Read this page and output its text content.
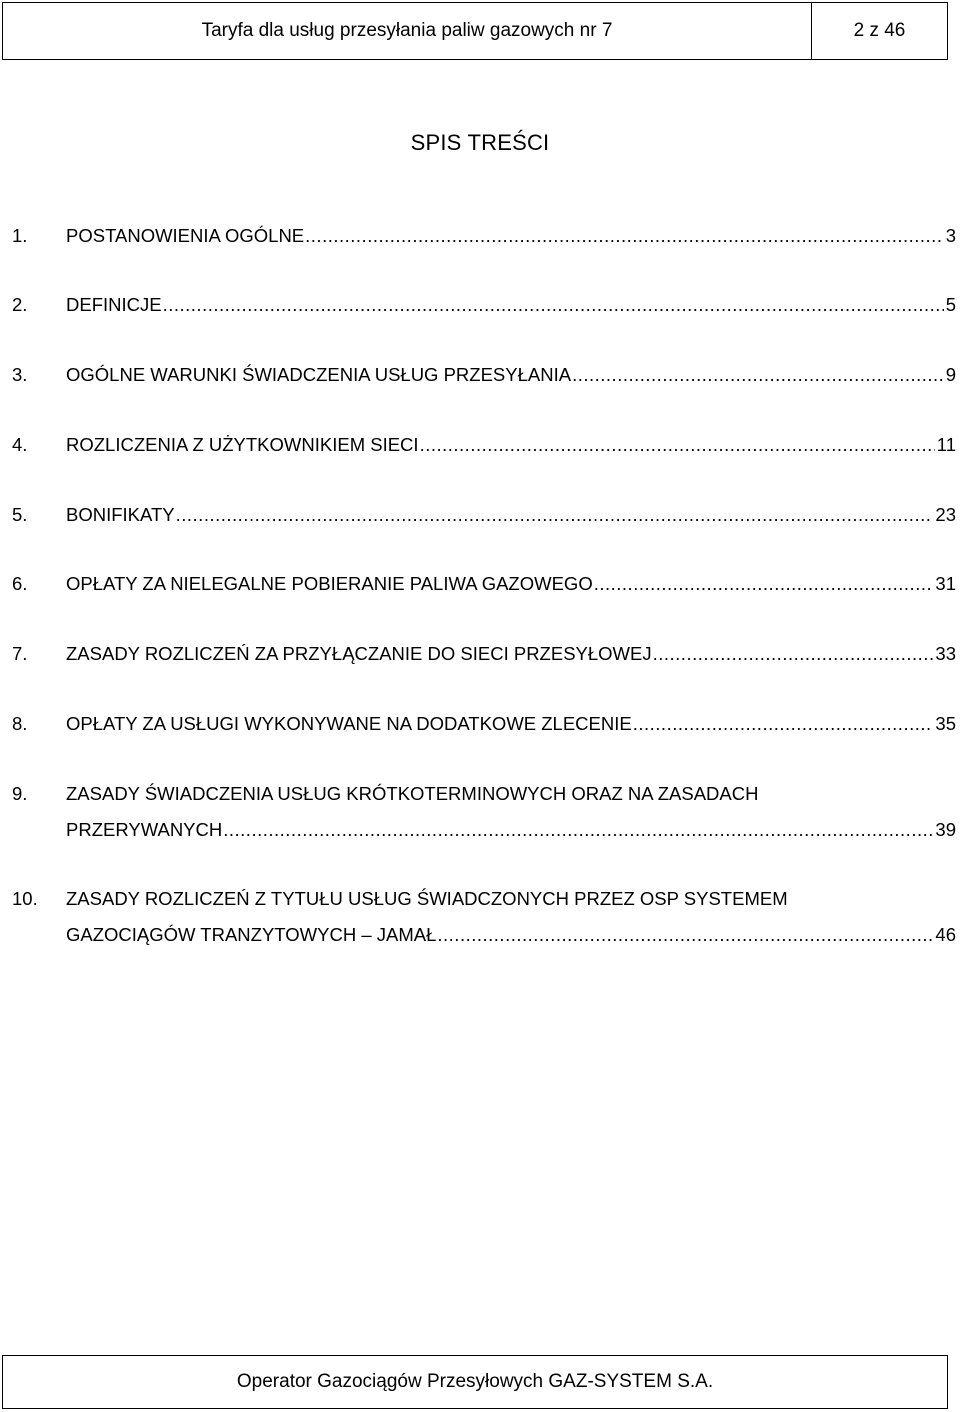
Taryfa dla usług przesyłania paliw gazowych nr 7	2 z 46
SPIS TREŚCI
1.	POSTANOWIENIA OGÓLNE .....	3
2.	DEFINICJE .....	5
3.	OGÓLNE WARUNKI ŚWIADCZENIA USŁUG PRZESYŁANIA .....	9
4.	ROZLICZENIA Z UŻYTKOWNIKIEM SIECI .....	11
5.	BONIFIKATY .....	23
6.	OPŁATY ZA NIELEGALNE POBIERANIE PALIWA GAZOWEGO .....	31
7.	ZASADY ROZLICZEŃ ZA PRZYŁĄCZANIE DO SIECI PRZESYŁOWEJ .....	33
8.	OPŁATY ZA USŁUGI WYKONYWANE NA DODATKOWE ZLECENIE .....	35
9.	ZASADY ŚWIADCZENIA USŁUG KRÓTKOTERMINOWYCH ORAZ NA ZASADACH
PRZERYWANYCH .....	39
10.	ZASADY ROZLICZEŃ Z TYTUŁU USŁUG ŚWIADCZONYCH PRZEZ OSP SYSTEMEM
GAZOCIĄGÓW TRANZYTOWYCH – JAMAŁ .....	46
Operator Gazociągów Przesyłowych GAZ-SYSTEM S.A.
